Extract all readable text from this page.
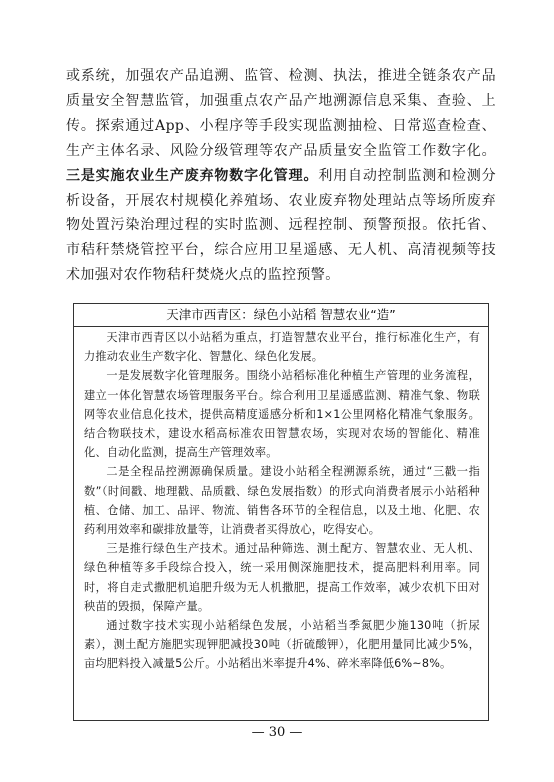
或系统，加强农产品追溯、监管、检测、执法，推进全链条农产品质量安全智慧监管，加强重点农产品产地溯源信息采集、查验、上传。探索通过App、小程序等手段实现监测抽检、日常巡查检查、生产主体名录、风险分级管理等农产品质量安全监管工作数字化。三是实施农业生产废弃物数字化管理。利用自动控制监测和检测分析设备，开展农村规模化养殖场、农业废弃物处理站点等场所废弃物处置污染治理过程的实时监测、远程控制、预警预报。依托省、市秸秆禁烧管控平台，综合应用卫星遥感、无人机、高清视频等技术加强对农作物秸秆焚烧火点的监控预警。

天津市西青区：绿色小站稻 智慧农业“造”

天津市西青区以小站稻为重点，打造智慧农业平台，推行标准化生产，有力推动农业生产数字化、智慧化、绿色化发展。

一是发展数字化管理服务。围绕小站稻标准化种植生产管理的业务流程，建立一体化智慧农场管理服务平台。综合利用卫星遥感监测、精准气象、物联网等农业信息化技术，提供高精度遥感分析和1×1公里网格化精准气象服务。结合物联技术，建设水稻高标准农田智慧农场，实现对农场的智能化、精准化、自动化监测，提高生产管理效率。

二是全程品控溯源确保质量。建设小站稻全程溯源系统，通过“三戳一指数”（时间戳、地理戳、品质戳、绿色发展指数）的形式向消费者展示小站稻种植、仓储、加工、品评、物流、销售各环节的全程信息，以及土地、化肥、农药利用效率和碳排放量等，让消费者买得放心，吃得安心。

三是推行绿色生产技术。通过品种筛选、测土配方、智慧农业、无人机、绿色种植等多手段综合投入，统一采用侧深施肥技术，提高肥料利用率。同时，将自走式撒肥机追肥升级为无人机撒肥，提高工作效率，减少农机下田对秧苗的毁损，保障产量。

通过数字技术实现小站稻绿色发展，小站稻当季氮肥少施130吨（折尿素），测土配方施肥实现钾肥减投30吨（折硫酸钾），化肥用量同比减少5%，亩均肥料投入减量5公斤。小站稻出米率提升4%、碎米率降低6%~8%。

— 30 —
